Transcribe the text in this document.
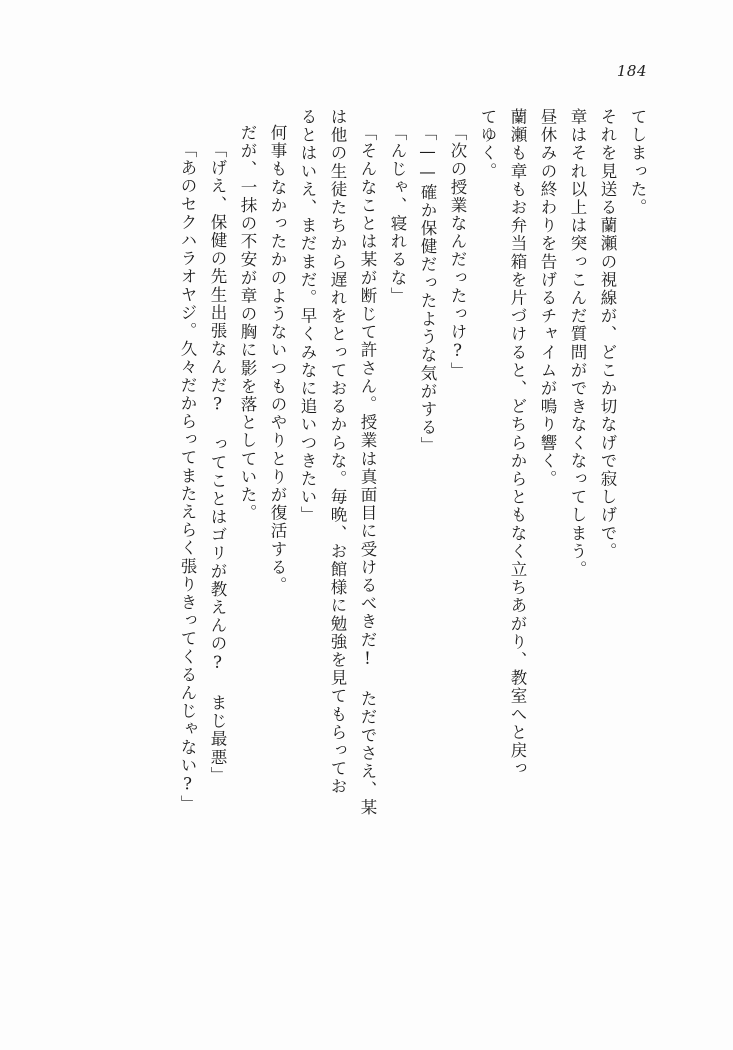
184
てしまった。
それを見送る蘭瀬の視線が、どこか切なげで寂しげで。
章はそれ以上は突っこんだ質問ができなくなってしまう。
昼休みの終わりを告げるチャイムが鳴り響く。
蘭瀬も章もお弁当箱を片づけると、どちらからともなく立ちあがり、教室へと戻っ
てゆく。
「次の授業なんだったっけ?」
「——確か保健だったような気がする」
「んじゃ、寝れるな」
「そんなことは某が断じて許さん。授業は真面目に受けるべきだ! ただでさえ、某
は他の生徒たちから遅れをとっておるからな。毎晩、お館様に勉強を見てもらってお
るとはいえ、まだまだ。早くみなに追いつきたい」
何事もなかったかのようないつものやりとりが復活する。
だが、一抹の不安が章の胸に影を落としていた。
「げえ、保健の先生出張なんだ? ってことはゴリが教えんの? まじ最悪」
「あのセクハラオヤジ。久々だからってまたえらく張りきってくるんじゃない?」
